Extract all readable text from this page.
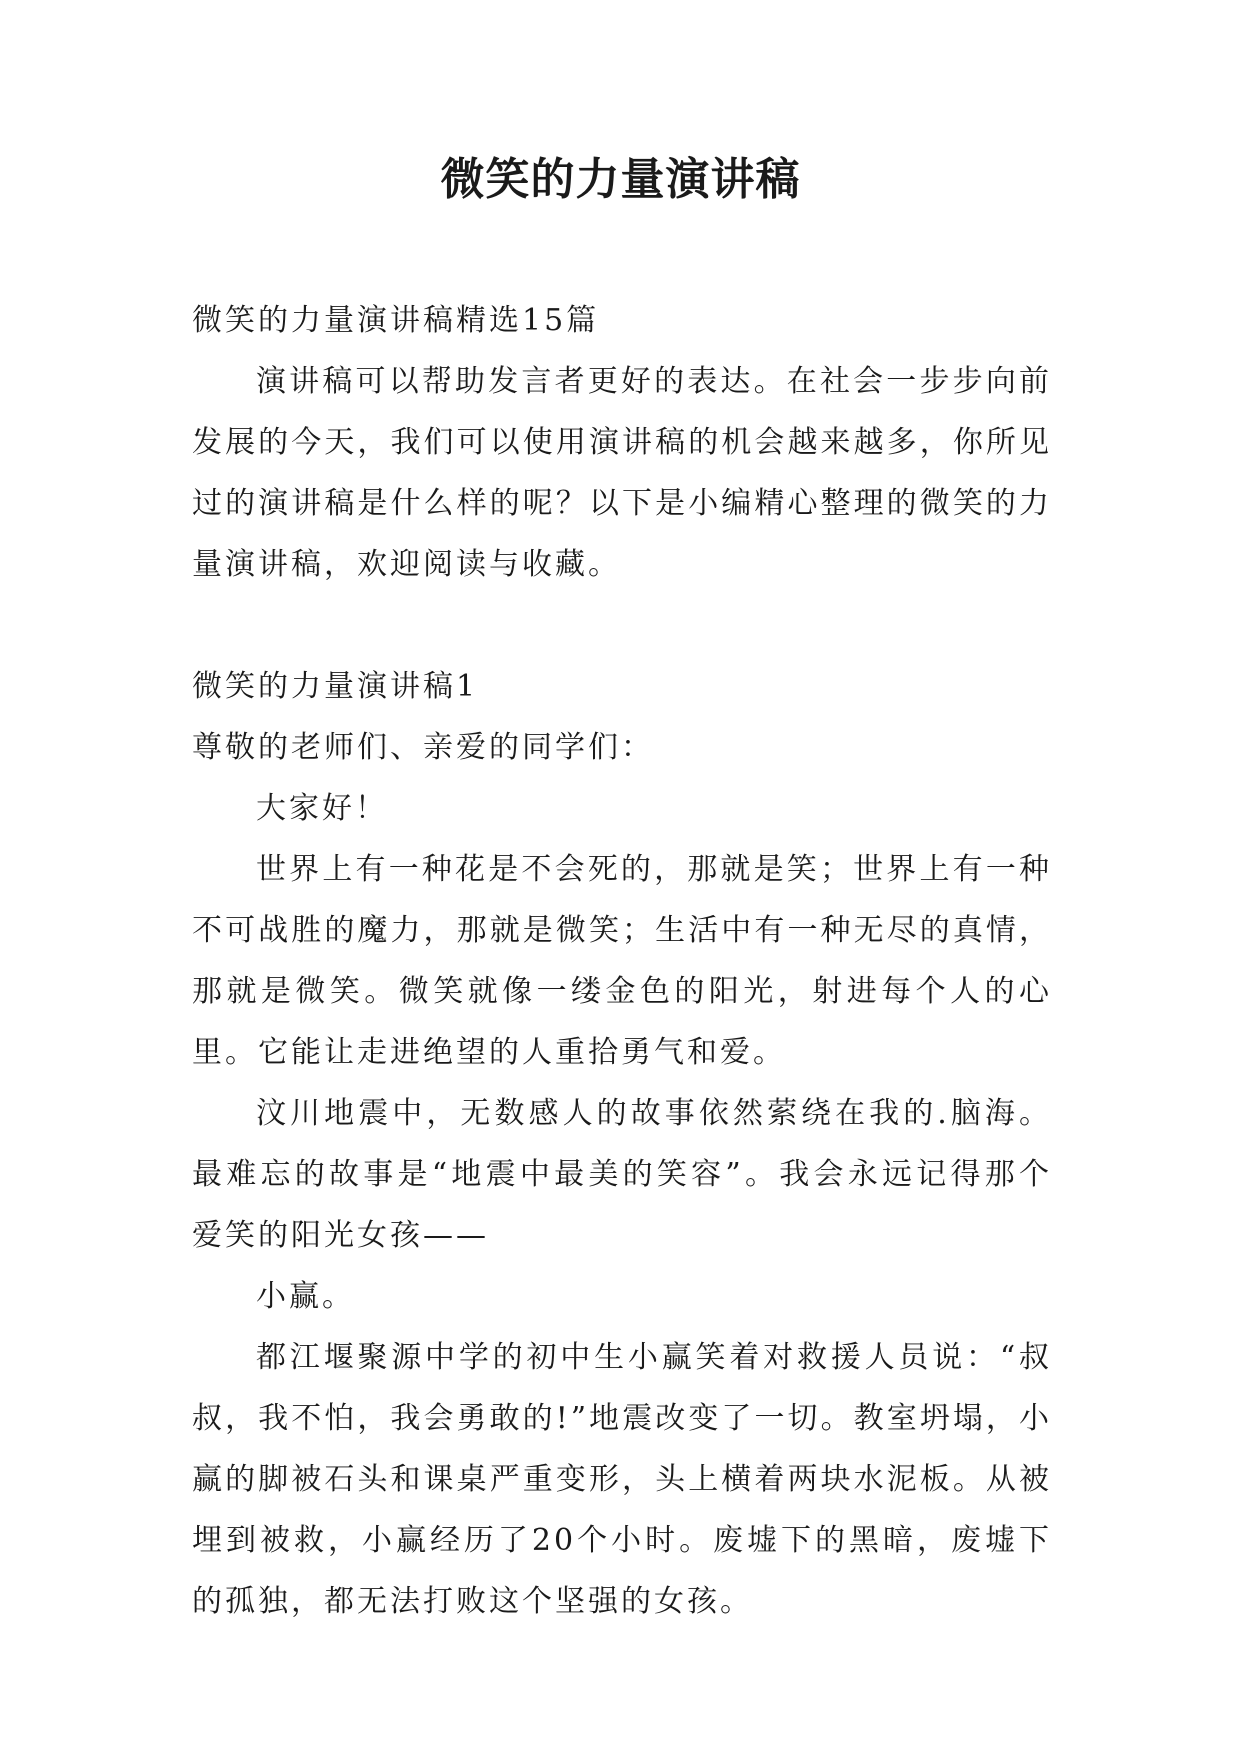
微笑的力量演讲稿

微笑的力量演讲稿精选15篇

演讲稿可以帮助发言者更好的表达。在社会一步步向前发展的今天，我们可以使用演讲稿的机会越来越多，你所见过的演讲稿是什么样的呢？以下是小编精心整理的微笑的力量演讲稿，欢迎阅读与收藏。

微笑的力量演讲稿1

尊敬的老师们、亲爱的同学们：

大家好！

世界上有一种花是不会死的，那就是笑；世界上有一种不可战胜的魔力，那就是微笑；生活中有一种无尽的真情，那就是微笑。微笑就像一缕金色的阳光，射进每个人的心里。它能让走进绝望的人重拾勇气和爱。

汶川地震中，无数感人的故事依然萦绕在我的.脑海。最难忘的故事是“地震中最美的笑容”。我会永远记得那个爱笑的阳光女孩——

小赢。

都江堰聚源中学的初中生小赢笑着对救援人员说：“叔叔，我不怕，我会勇敢的!”地震改变了一切。教室坍塌，小赢的脚被石头和课桌严重变形，头上横着两块水泥板。从被埋到被救，小赢经历了20个小时。废墟下的黑暗，废墟下的孤独，都无法打败这个坚强的女孩。
